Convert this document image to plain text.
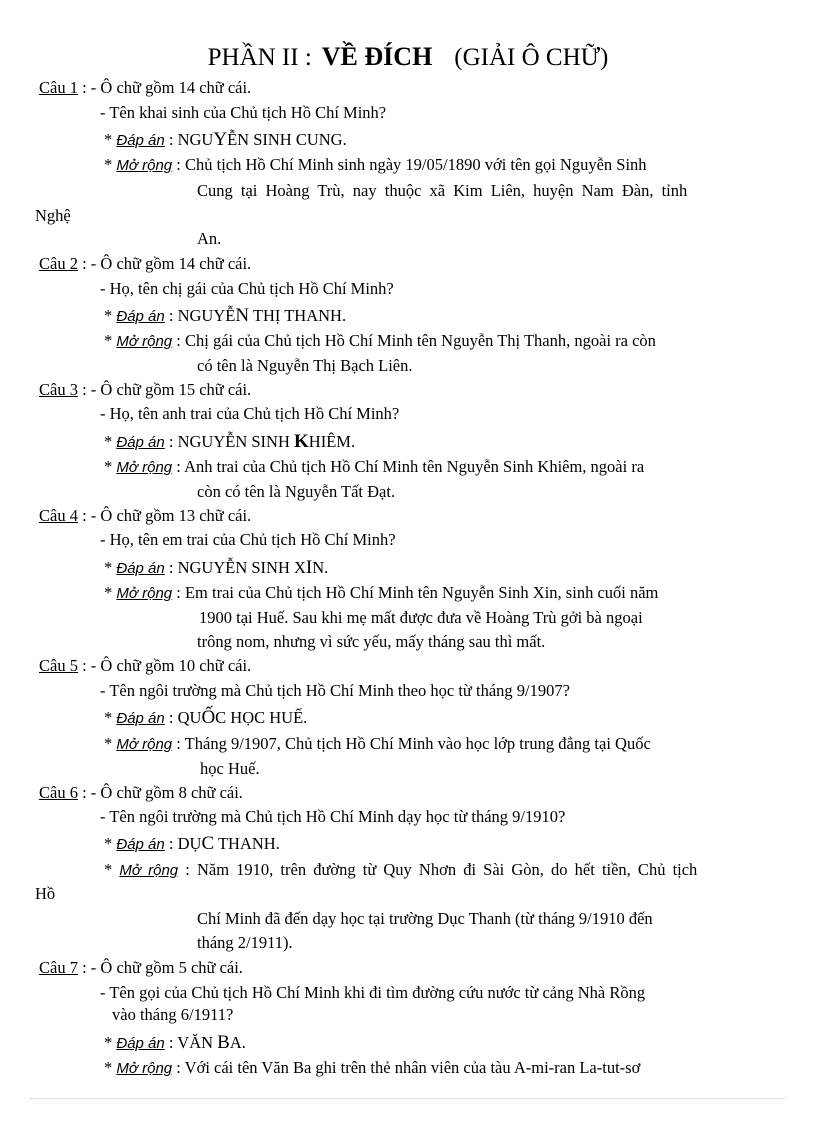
PHẦN II : VỀ ĐÍCH (GIẢI Ô CHỮ)
Câu 1 : - Ô chữ gồm 14 chữ cái.
- Tên khai sinh của Chủ tịch Hồ Chí Minh?
* Đáp án : NGUYỄN SINH CUNG.
* Mở rộng : Chủ tịch Hồ Chí Minh sinh ngày 19/05/1890 với tên gọi Nguyễn Sinh
Cung tại Hoàng Trù, nay thuộc xã Kim Liên, huyện Nam Đàn, tỉnh
Nghệ
An.
Câu 2 : - Ô chữ gồm 14 chữ cái.
- Họ, tên chị gái của Chủ tịch Hồ Chí Minh?
* Đáp án : NGUYỄN THỊ THANH.
* Mở rộng : Chị gái của Chủ tịch Hồ Chí Minh tên Nguyễn Thị Thanh, ngoài ra còn
có tên là Nguyễn Thị Bạch Liên.
Câu 3 : - Ô chữ gồm 15 chữ cái.
- Họ, tên anh trai của Chủ tịch Hồ Chí Minh?
* Đáp án : NGUYỄN SINH KHIÊM.
* Mở rộng : Anh trai của Chủ tịch Hồ Chí Minh tên Nguyễn Sinh Khiêm, ngoài ra
còn có tên là Nguyễn Tất Đạt.
Câu 4 : - Ô chữ gồm 13 chữ cái.
- Họ, tên em trai của Chủ tịch Hồ Chí Minh?
* Đáp án : NGUYỄN SINH XIN.
* Mở rộng : Em trai của Chủ tịch Hồ Chí Minh tên Nguyễn Sinh Xin, sinh cuối năm
1900 tại Huế. Sau khi mẹ mất được đưa về Hoàng Trù gởi bà ngoại
trông nom, nhưng vì sức yếu, mấy tháng sau thì mất.
Câu 5 : - Ô chữ gồm 10 chữ cái.
- Tên ngôi trường mà Chủ tịch Hồ Chí Minh theo học từ tháng 9/1907?
* Đáp án : QUỐC HỌC HUẾ.
* Mở rộng : Tháng 9/1907, Chủ tịch Hồ Chí Minh vào học lớp trung đẳng tại Quốc
học Huế.
Câu 6 : - Ô chữ gồm 8 chữ cái.
- Tên ngôi trường mà Chủ tịch Hồ Chí Minh dạy học từ tháng 9/1910?
* Đáp án : DỤC THANH.
* Mở rộng : Năm 1910, trên đường từ Quy Nhơn đi Sài Gòn, do hết tiền, Chủ tịch
Hồ
Chí Minh đã đến dạy học tại trường Dục Thanh (từ tháng 9/1910 đến
tháng 2/1911).
Câu 7 : - Ô chữ gồm 5 chữ cái.
- Tên gọi của Chủ tịch Hồ Chí Minh khi đi tìm đường cứu nước từ cảng Nhà Rồng
vào tháng 6/1911?
* Đáp án : VĂN BA.
* Mở rộng : Với cái tên Văn Ba ghi trên thẻ nhân viên của tàu A-mi-ran La-tut-sơ
